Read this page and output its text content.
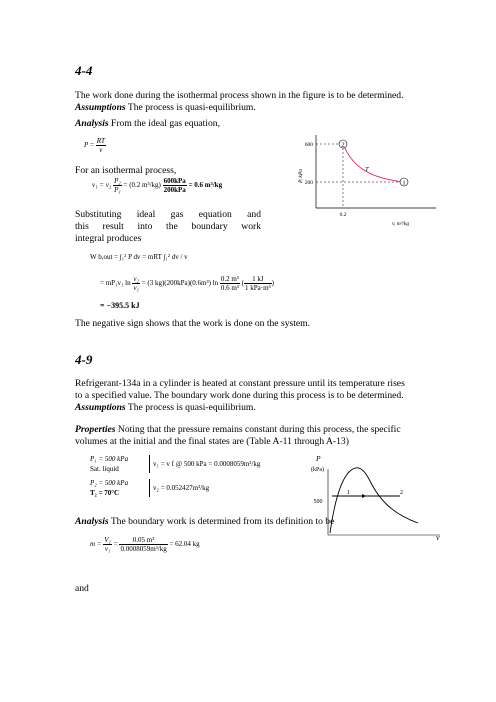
4-4
The work done during the isothermal process shown in the figure is to be determined.
Assumptions The process is quasi-equilibrium.
Analysis From the ideal gas equation,
$P = \frac{RT}{v}$
For an isothermal process,
$v_1 = v_2 \frac{\text{P₂}}{\text{P₁}} = (0.2$ $m^3/kg) \frac{\text{600kPa}}{\text{200kPa}} = 0.6$ m³/kg
Substituting ideal gas equation and
this result into the boundary work
integral produces
W b,out = ∫₁² P dv = mRT ∫₁² dv / v
= mP₁v₁ $\ln \frac{\text{v₂}}{\text{v₁}} = (3$ kg)(200kPa)(0.6m³) $\ln \frac{\text{0.2 m³}}{\text{0.6 m³}}$ ( $\frac{1 kJ}{\text{1 kPa·m³}}$ )
= −395.5 kJ
The negative sign shows that the work is done on the system.
2
1
T
600
200
0.2
v, m³/kg
P, kPa
4-9
Refrigerant-134a in a cylinder is heated at constant pressure until its temperature rises
to a specified value. The boundary work done during this process is to be determined.
Assumptions The process is quasi-equilibrium.
Properties Noting that the pressure remains constant during this process, the specific
volumes at the initial and the final states are (Table A-11 through A-13)
P₁ = 500 kPa
Sat. liquid
v₁ = v f @ 500 kPa = 0.0008059m³/kg
P₂ = 500 kPa
T₂ = 70°C
v₂ = 0.052427m³/kg
Analysis The boundary work is determined from its definition to be
$m = \frac{\text{V₁}}{\text{v₁}} = \frac{\text{0.05 m³}}{\text{0.0008059m³/kg}} = 62.04$ kg
and
1	2
500
P
(kPa)
v
